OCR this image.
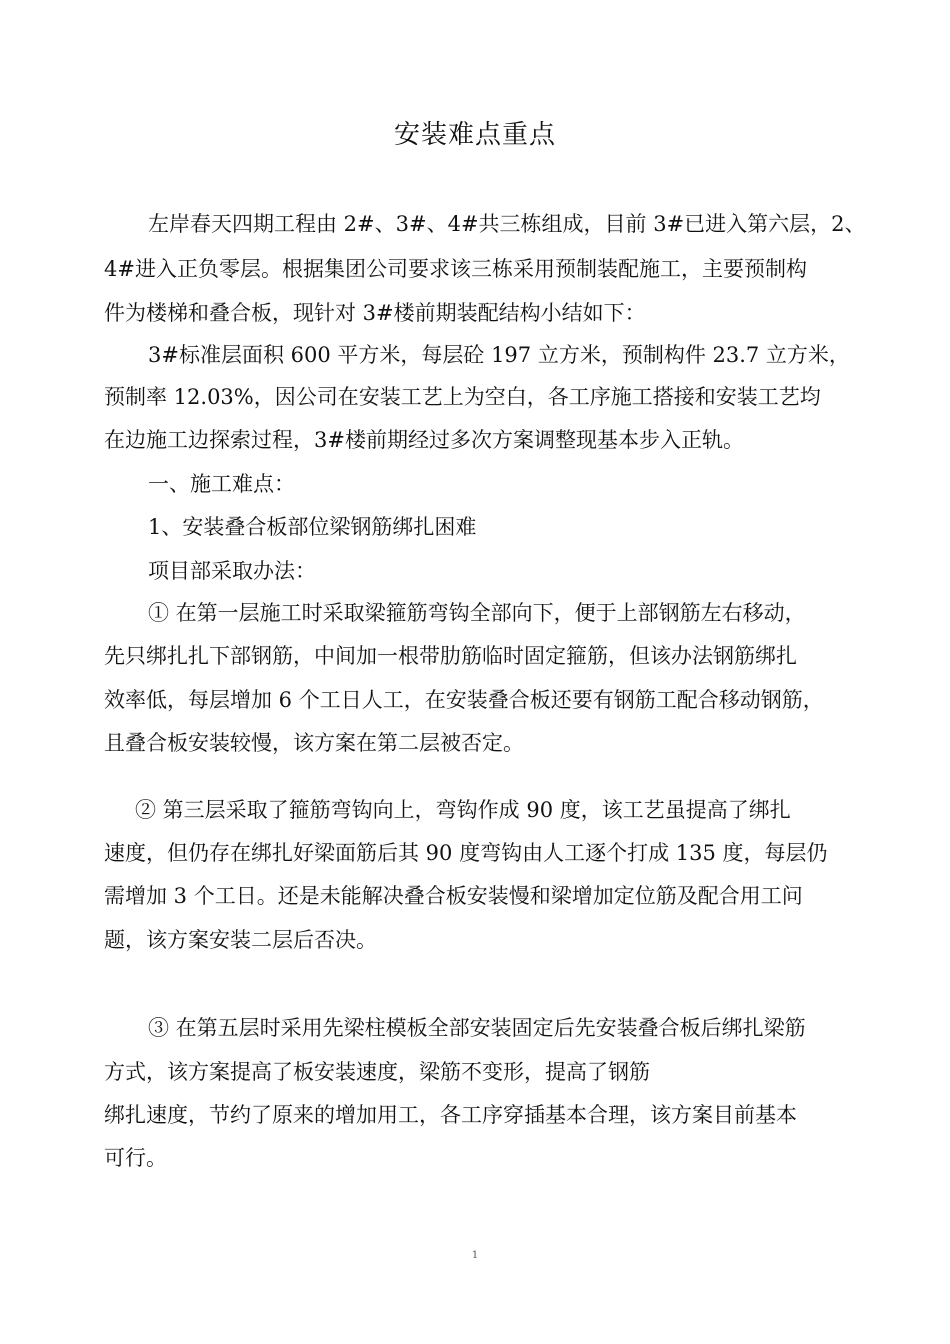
安装难点重点
左岸春天四期工程由 2#、3#、4#共三栋组成，目前 3#已进入第六层，2、
4#进入正负零层。根据集团公司要求该三栋采用预制装配施工，主要预制构
件为楼梯和叠合板，现针对 3#楼前期装配结构小结如下：
3#标准层面积 600 平方米，每层砼 197 立方米，预制构件 23.7 立方米，
预制率 12.03%，因公司在安装工艺上为空白，各工序施工搭接和安装工艺均
在边施工边探索过程，3#楼前期经过多次方案调整现基本步入正轨。
一、施工难点：
1、安装叠合板部位梁钢筋绑扎困难
项目部采取办法：
① 在第一层施工时采取梁箍筋弯钩全部向下，便于上部钢筋左右移动，
先只绑扎扎下部钢筋，中间加一根带肋筋临时固定箍筋，但该办法钢筋绑扎
效率低，每层增加 6 个工日人工，在安装叠合板还要有钢筋工配合移动钢筋，
且叠合板安装较慢，该方案在第二层被否定。
② 第三层采取了箍筋弯钩向上，弯钩作成 90 度，该工艺虽提高了绑扎
速度，但仍存在绑扎好梁面筋后其 90 度弯钩由人工逐个打成 135 度，每层仍
需增加 3 个工日。还是未能解决叠合板安装慢和梁增加定位筋及配合用工问
题，该方案安装二层后否决。
③ 在第五层时采用先梁柱模板全部安装固定后先安装叠合板后绑扎梁筋
方式，该方案提高了板安装速度，梁筋不变形，提高了钢筋
绑扎速度，节约了原来的增加用工，各工序穿插基本合理，该方案目前基本
可行。
1
